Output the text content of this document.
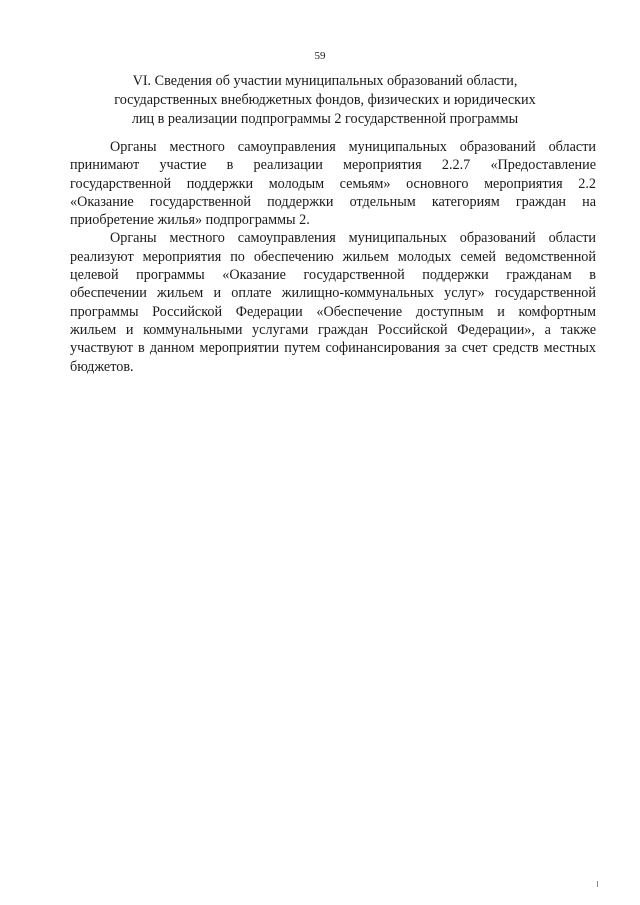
59
VI. Сведения об участии муниципальных образований области,
государственных внебюджетных фондов, физических и юридических
лиц в реализации подпрограммы 2 государственной программы

Органы местного самоуправления муниципальных образований области
принимают участие в реализации мероприятия 2.2.7 «Предоставление
государственной поддержки молодым семьям» основного мероприятия 2.2
«Оказание государственной поддержки отдельным категориям граждан на
приобретение жилья» подпрограммы 2.

Органы местного самоуправления муниципальных образований области
реализуют мероприятия по обеспечению жильем молодых семей ведомственной
целевой программы «Оказание государственной поддержки гражданам в
обеспечении жильем и оплате жилищно-коммунальных услуг» государственной
программы Российской Федерации «Обеспечение доступным и комфортным
жильем и коммунальными услугами граждан Российской Федерации», а также
участвуют в данном мероприятии путем софинансирования за счет средств местных
бюджетов.
